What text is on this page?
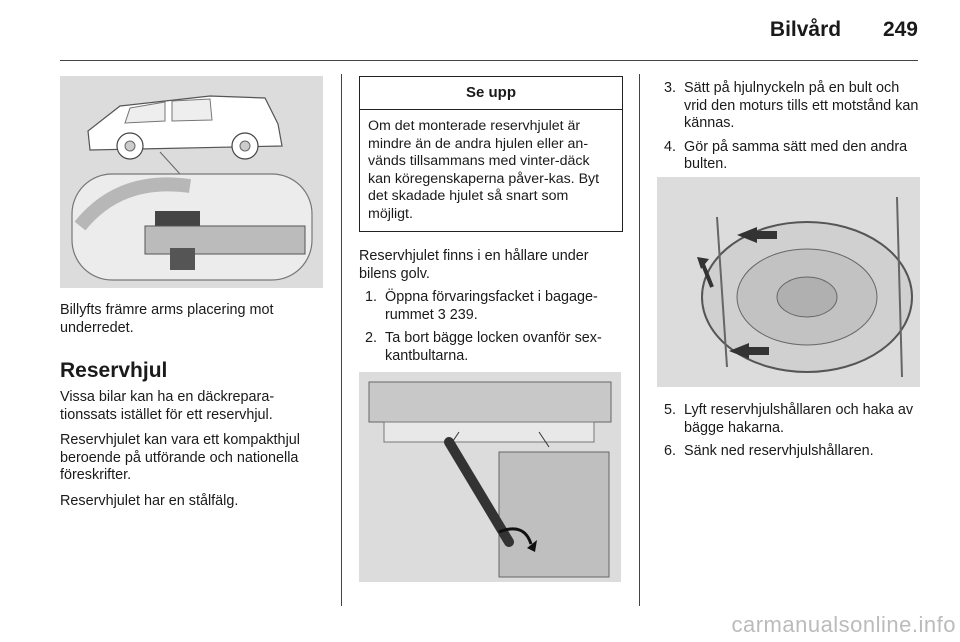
Bilvård 249

Billyfts främre arms placering mot underredet.

Reservhjul

Vissa bilar kan ha en däckrepara-tionssats istället för ett reservhjul.

Reservhjulet kan vara ett kompakthjul beroende på utförande och nationella föreskrifter.

Reservhjulet har en stålfälg.

Se upp
Om det monterade reservhjulet är mindre än de andra hjulen eller an-vänds tillsammans med vinter-däck kan köregenskaperna påver-kas. Byt det skadade hjulet så snart som möjligt.

Reservhjulet finns i en hållare under bilens golv.

1. Öppna förvaringsfacket i bagage-rummet 3 239.
2. Ta bort bägge locken ovanför sex-kantbultarna.
3. Sätt på hjulnyckeln på en bult och vrid den moturs tills ett motstånd kan kännas.
4. Gör på samma sätt med den andra bulten.
5. Lyft reservhjulshållaren och haka av bägge hakarna.
6. Sänk ned reservhjulshållaren.
carmanualsonline.info
